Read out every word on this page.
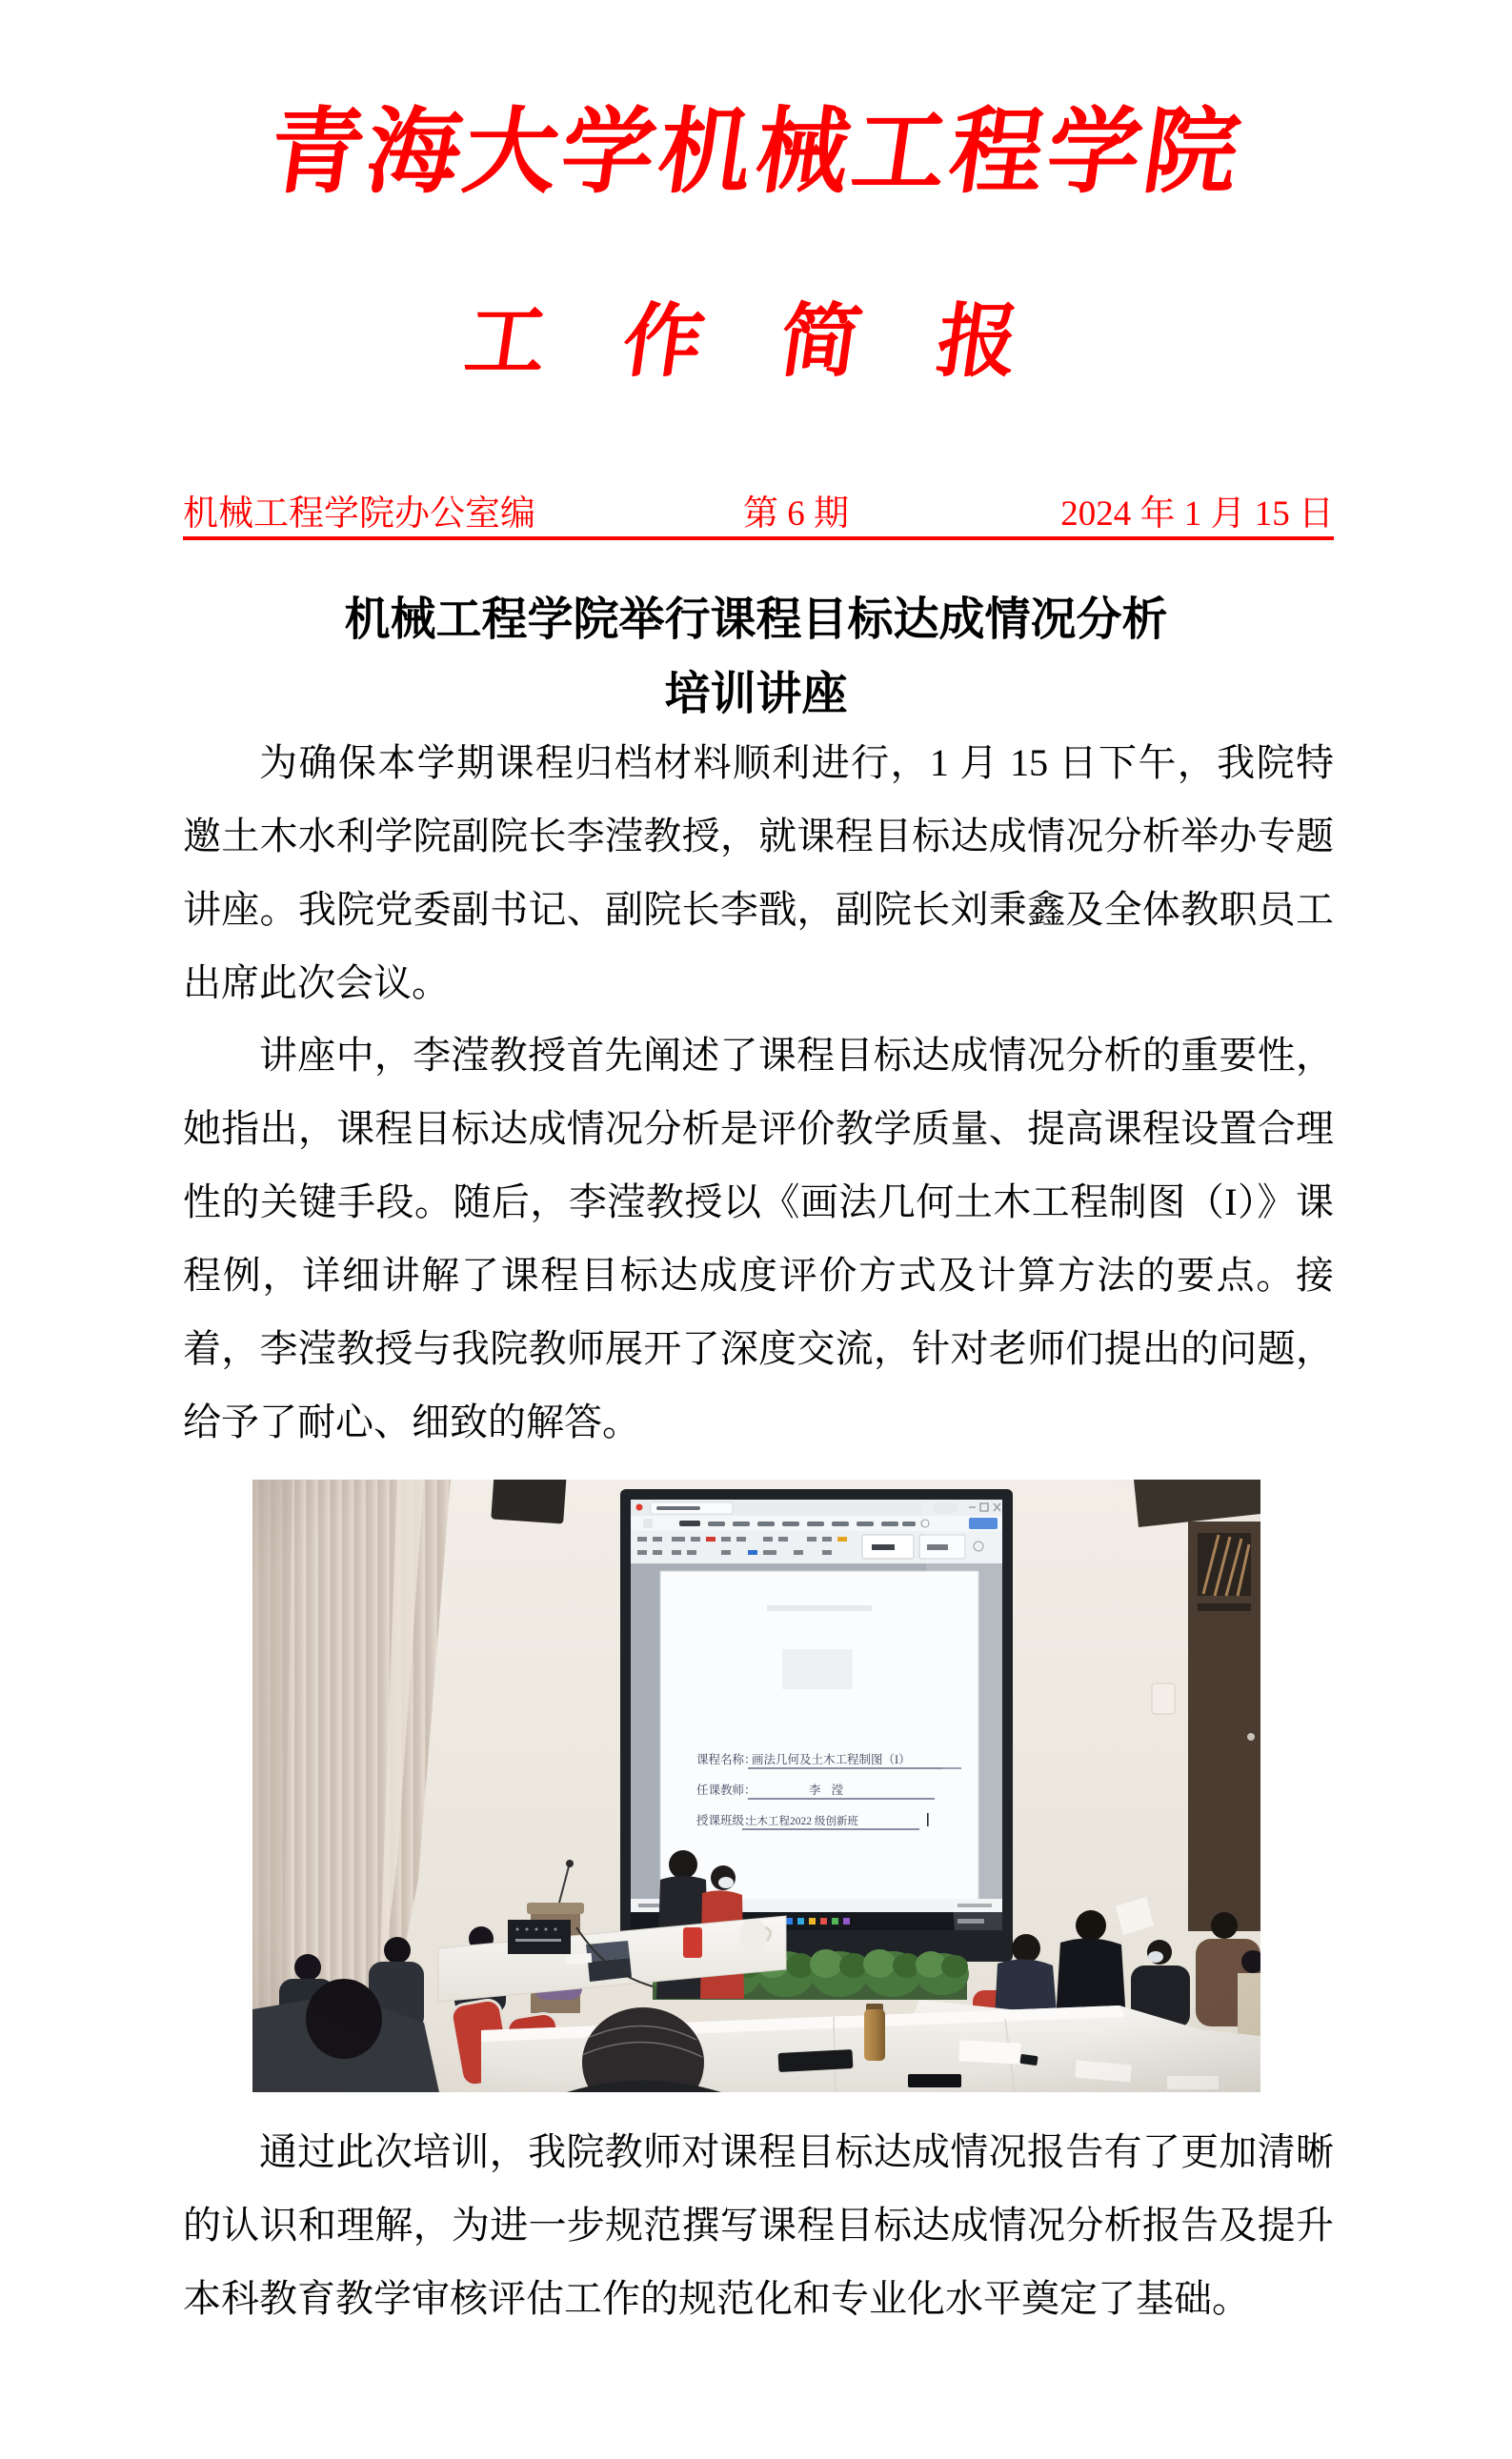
青海大学机械工程学院
工 作 简 报
机械工程学院办公室编	第 6 期	2024 年 1 月 15 日
机械工程学院举行课程目标达成情况分析
培训讲座
为确保本学期课程归档材料顺利进行，1 月 15 日下午，我院特邀土木水利学院副院长李滢教授，就课程目标达成情况分析举办专题讲座。我院党委副书记、副院长李戬，副院长刘秉鑫及全体教职员工出席此次会议。
讲座中，李滢教授首先阐述了课程目标达成情况分析的重要性，她指出，课程目标达成情况分析是评价教学质量、提高课程设置合理性的关键手段。随后，李滢教授以《画法几何土木工程制图（I）》课程例，详细讲解了课程目标达成度评价方式及计算方法的要点。接着，李滢教授与我院教师展开了深度交流，针对老师们提出的问题，给予了耐心、细致的解答。
通过此次培训，我院教师对课程目标达成情况报告有了更加清晰的认识和理解，为进一步规范撰写课程目标达成情况分析报告及提升本科教育教学审核评估工作的规范化和专业化水平奠定了基础。
